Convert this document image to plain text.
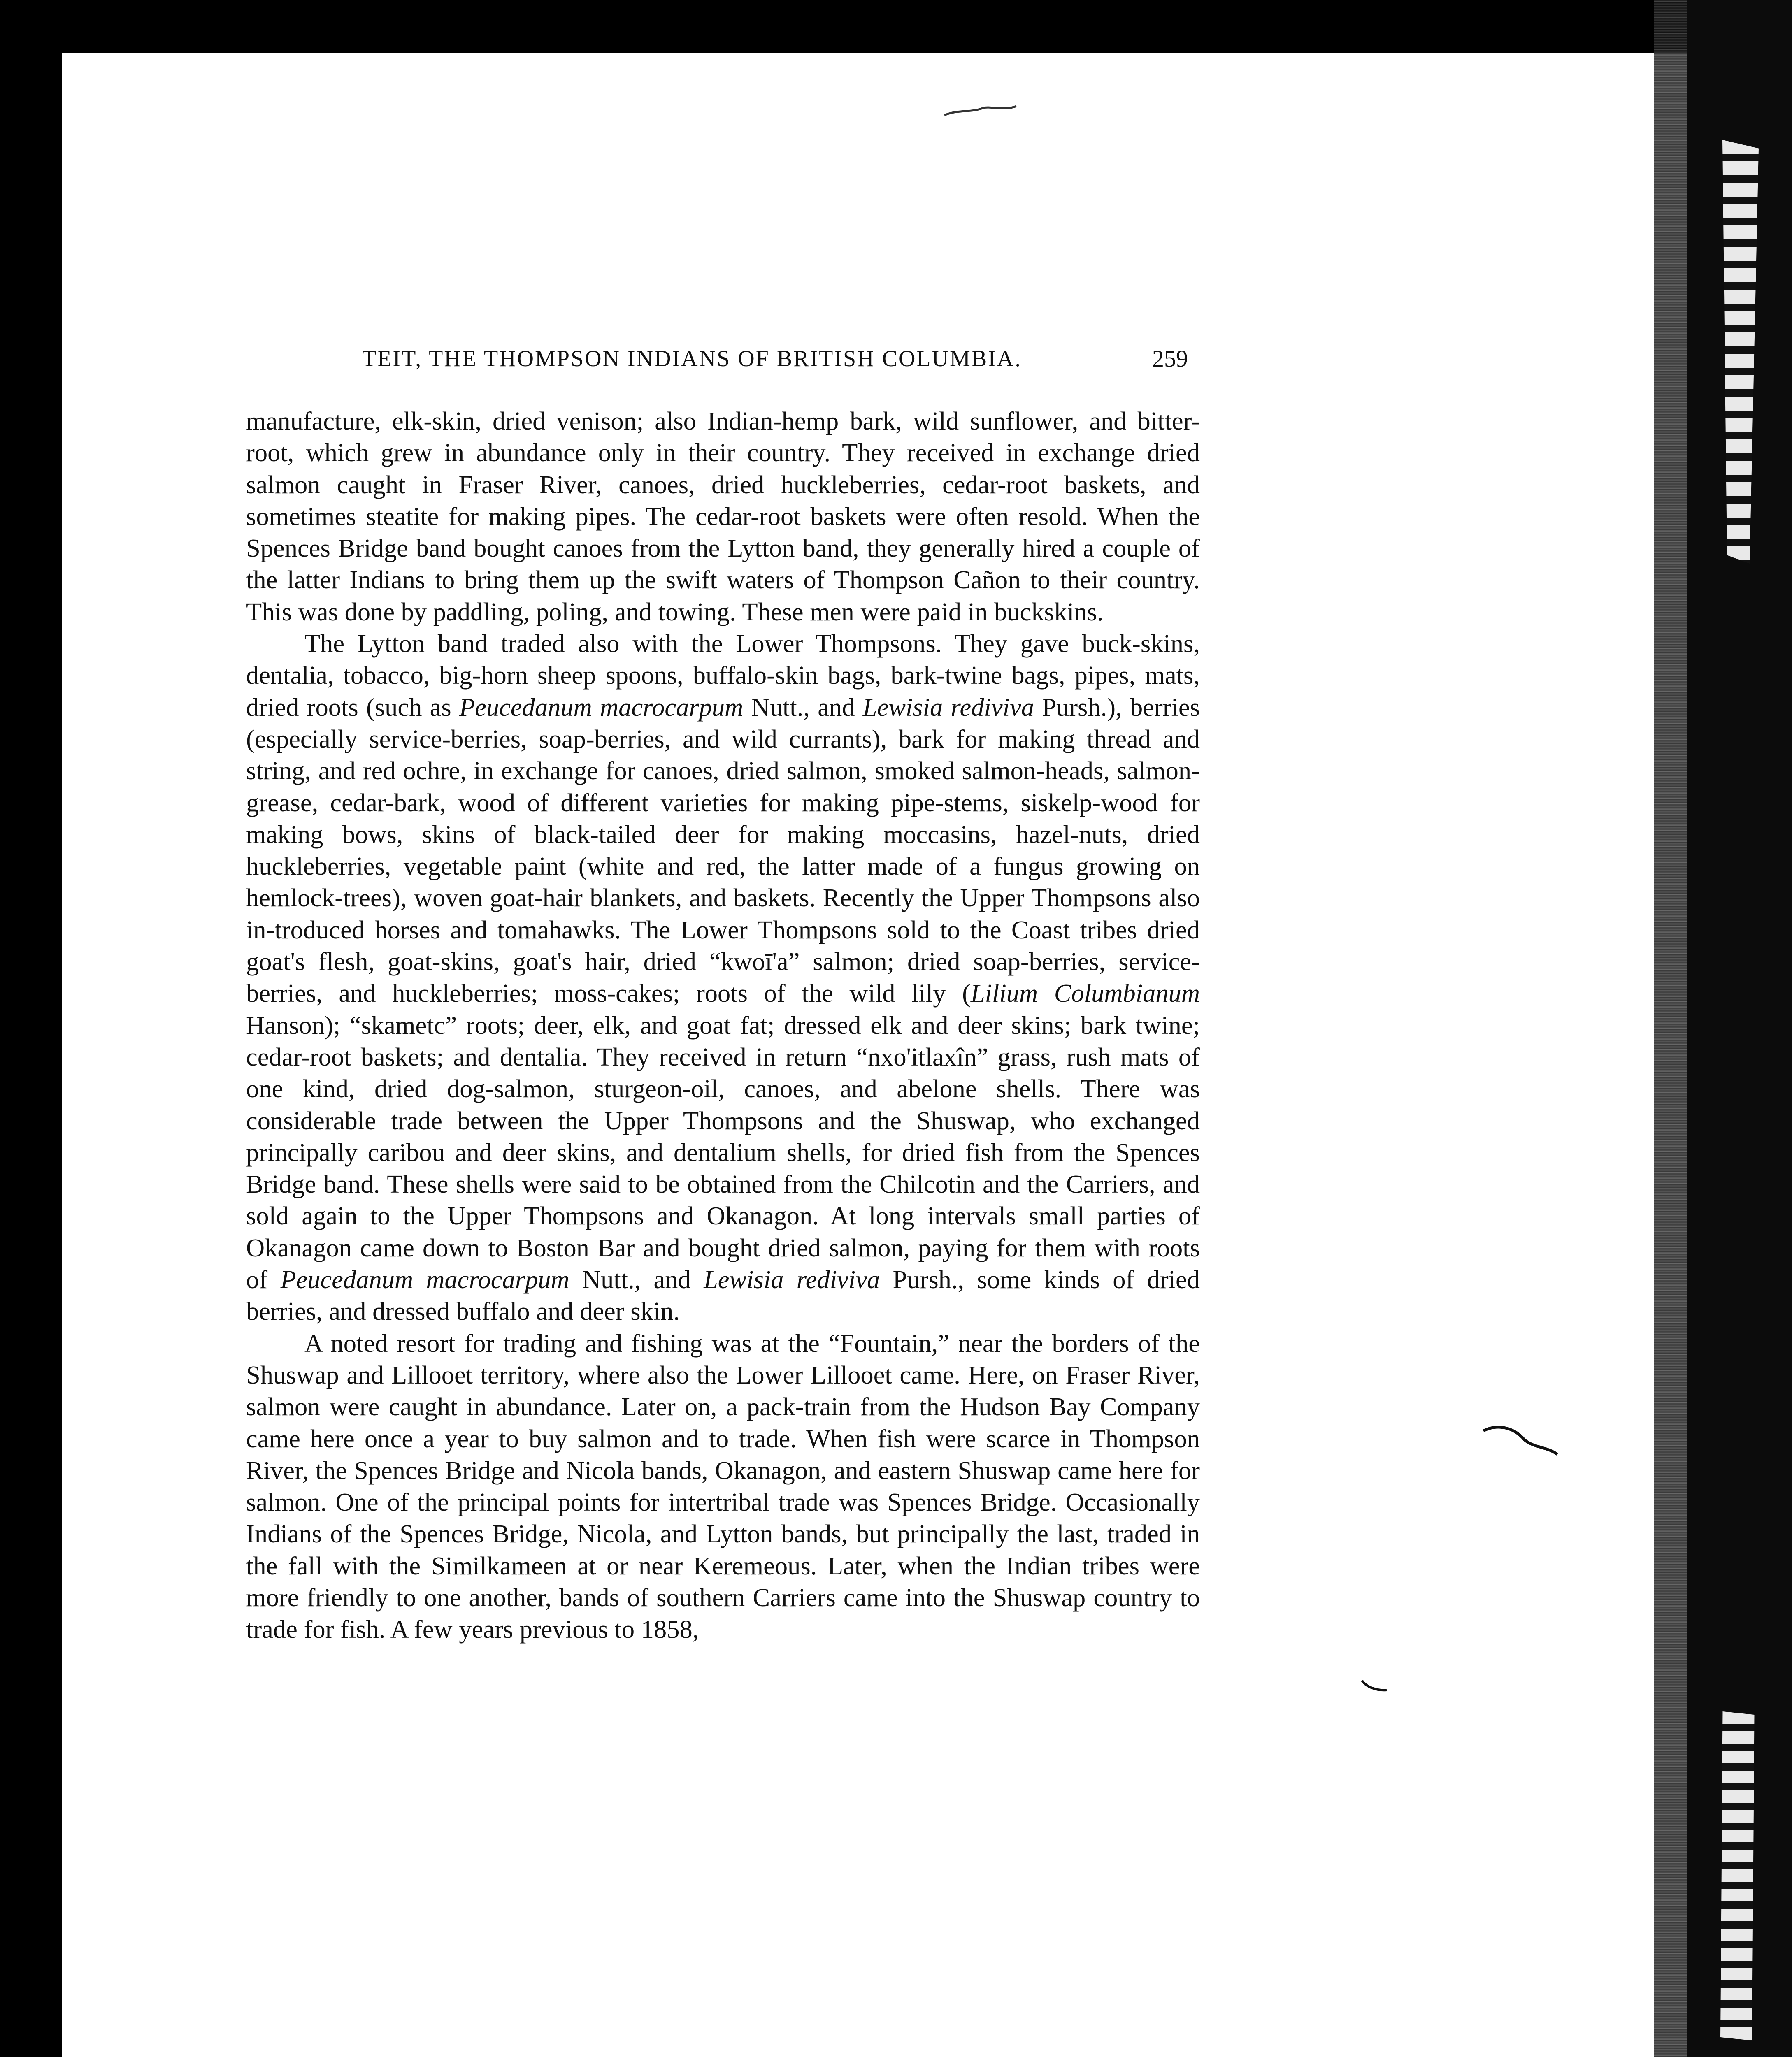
TEIT, THE THOMPSON INDIANS OF BRITISH COLUMBIA.	259

manufacture, elk-skin, dried venison; also Indian-hemp bark, wild sunflower, and bitter-root, which grew in abundance only in their country. They received in exchange dried salmon caught in Fraser River, canoes, dried huckleberries, cedar-root baskets, and sometimes steatite for making pipes. The cedar-root baskets were often resold. When the Spences Bridge band bought canoes from the Lytton band, they generally hired a couple of the latter Indians to bring them up the swift waters of Thompson Cañon to their country. This was done by paddling, poling, and towing. These men were paid in buckskins.

The Lytton band traded also with the Lower Thompsons. They gave buck-skins, dentalia, tobacco, big-horn sheep spoons, buffalo-skin bags, bark-twine bags, pipes, mats, dried roots (such as Peucedanum macrocarpum Nutt., and Lewisia rediviva Pursh.), berries (especially service-berries, soap-berries, and wild currants), bark for making thread and string, and red ochre, in exchange for canoes, dried salmon, smoked salmon-heads, salmon-grease, cedar-bark, wood of different varieties for making pipe-stems, siskelp-wood for making bows, skins of black-tailed deer for making moccasins, hazel-nuts, dried huckleberries, vegetable paint (white and red, the latter made of a fungus growing on hemlock-trees), woven goat-hair blankets, and baskets. Recently the Upper Thompsons also in-troduced horses and tomahawks. The Lower Thompsons sold to the Coast tribes dried goat's flesh, goat-skins, goat's hair, dried “kwoī'a” salmon; dried soap-berries, service-berries, and huckleberries; moss-cakes; roots of the wild lily (Lilium Columbianum Hanson); “skametc” roots; deer, elk, and goat fat; dressed elk and deer skins; bark twine; cedar-root baskets; and dentalia. They received in return “nxo'itlaxîn” grass, rush mats of one kind, dried dog-salmon, sturgeon-oil, canoes, and abelone shells. There was considerable trade between the Upper Thompsons and the Shuswap, who exchanged principally caribou and deer skins, and dentalium shells, for dried fish from the Spences Bridge band. These shells were said to be obtained from the Chilcotin and the Carriers, and sold again to the Upper Thompsons and Okanagon. At long intervals small parties of Okanagon came down to Boston Bar and bought dried salmon, paying for them with roots of Peucedanum macrocarpum Nutt., and Lewisia rediviva Pursh., some kinds of dried berries, and dressed buffalo and deer skin.

A noted resort for trading and fishing was at the “Fountain,” near the borders of the Shuswap and Lillooet territory, where also the Lower Lillooet came. Here, on Fraser River, salmon were caught in abundance. Later on, a pack-train from the Hudson Bay Company came here once a year to buy salmon and to trade. When fish were scarce in Thompson River, the Spences Bridge and Nicola bands, Okanagon, and eastern Shuswap came here for salmon. One of the principal points for intertribal trade was Spences Bridge. Occasionally Indians of the Spences Bridge, Nicola, and Lytton bands, but principally the last, traded in the fall with the Similkameen at or near Keremeous. Later, when the Indian tribes were more friendly to one another, bands of southern Carriers came into the Shuswap country to trade for fish. A few years previous to 1858,
